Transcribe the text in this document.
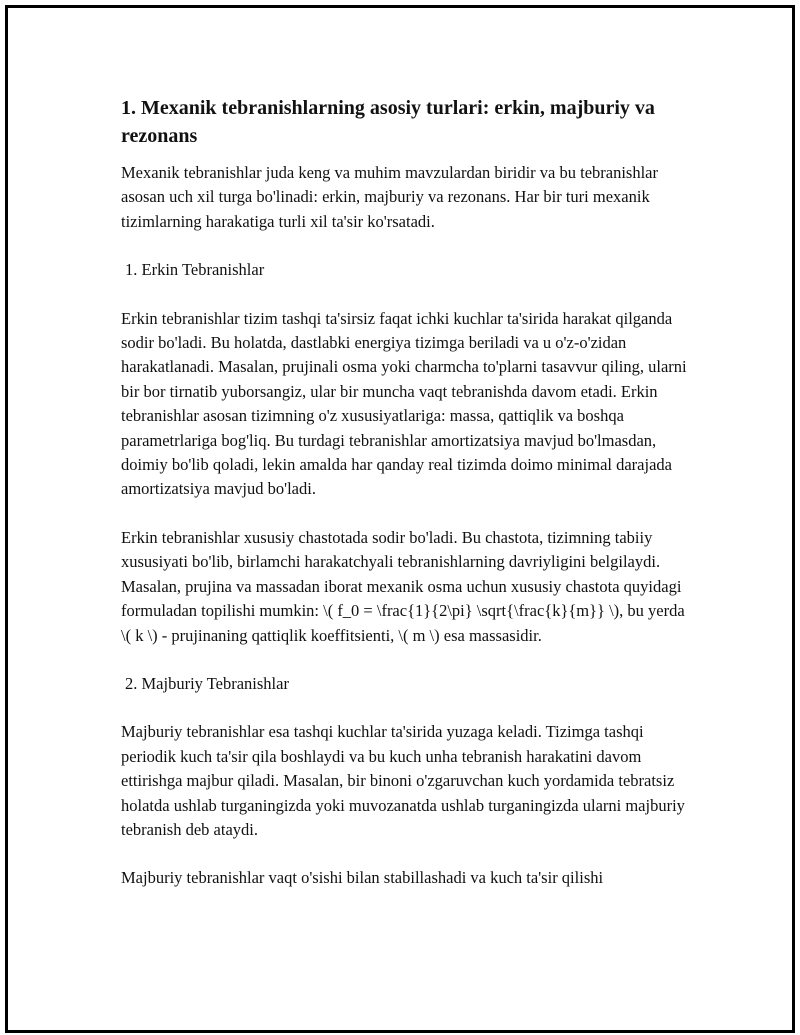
1. Mexanik tebranishlarning asosiy turlari: erkin, majburiy va rezonans

Mexanik tebranishlar juda keng va muhim mavzulardan biridir va bu tebranishlar asosan uch xil turga bo'linadi: erkin, majburiy va rezonans. Har bir turi mexanik tizimlarning harakatiga turli xil ta'sir ko'rsatadi.

1. Erkin Tebranishlar

Erkin tebranishlar tizim tashqi ta'sirsiz faqat ichki kuchlar ta'sirida harakat qilganda sodir bo'ladi. Bu holatda, dastlabki energiya tizimga beriladi va u o'z-o'zidan harakatlanadi. Masalan, prujinali osma yoki charmcha to'plarni tasavvur qiling, ularni bir bor tirnatib yuborsangiz, ular bir muncha vaqt tebranishda davom etadi. Erkin tebranishlar asosan tizimning o'z xususiyatlariga: massa, qattiqlik va boshqa parametrlariga bog'liq. Bu turdagi tebranishlar amortizatsiya mavjud bo'lmasdan, doimiy bo'lib qoladi, lekin amalda har qanday real tizimda doimo minimal darajada amortizatsiya mavjud bo'ladi.

Erkin tebranishlar xususiy chastotada sodir bo'ladi. Bu chastota, tizimning tabiiy xususiyati bo'lib, birlamchi harakatchyali tebranishlarning davriyligini belgilaydi. Masalan, prujina va massadan iborat mexanik osma uchun xususiy chastota quyidagi formuladan topilishi mumkin: \( f_0 = \frac{1}{2\pi} \sqrt{\frac{k}{m}} \), bu yerda \( k \) - prujinaning qattiqlik koeffitsienti, \( m \) esa massasidir.

2. Majburiy Tebranishlar

Majburiy tebranishlar esa tashqi kuchlar ta'sirida yuzaga keladi. Tizimga tashqi periodik kuch ta'sir qila boshlaydi va bu kuch unha tebranish harakatini davom ettirishga majbur qiladi. Masalan, bir binoni o'zgaruvchan kuch yordamida tebratsiz holatda ushlab turganingizda yoki muvozanatda ushlab turganingizda ularni majburiy tebranish deb ataydi.

Majburiy tebranishlar vaqt o'sishi bilan stabillashadi va kuch ta'sir qilishi
